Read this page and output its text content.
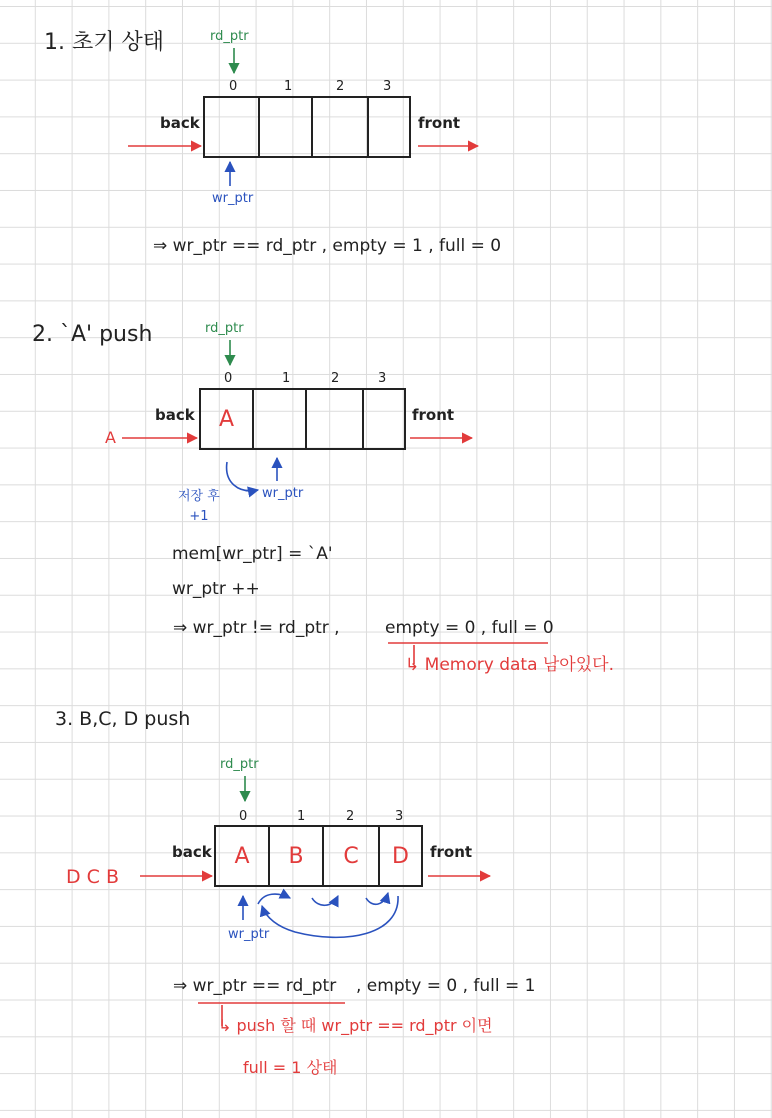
1. 초기 상태	rd_ptr
0	1	2	3
back	front
wr_ptr
⇒ wr_ptr == rd_ptr , empty = 1 , full = 0
2. `A' push	rd_ptr
0	1	2	3
A
back	front
A
저장 후
+1
wr_ptr
mem[wr_ptr] = `A'
wr_ptr ++
⇒ wr_ptr != rd_ptr ,	empty = 0 , full = 0
↳ Memory data 남아있다.
3. B,C, D push
rd_ptr
0	1	2	3
A	B	C	D
back	front
D C B
wr_ptr
⇒ wr_ptr == rd_ptr , empty = 0 , full = 1
↳ push 할 때 wr_ptr == rd_ptr 이면
full = 1 상태
